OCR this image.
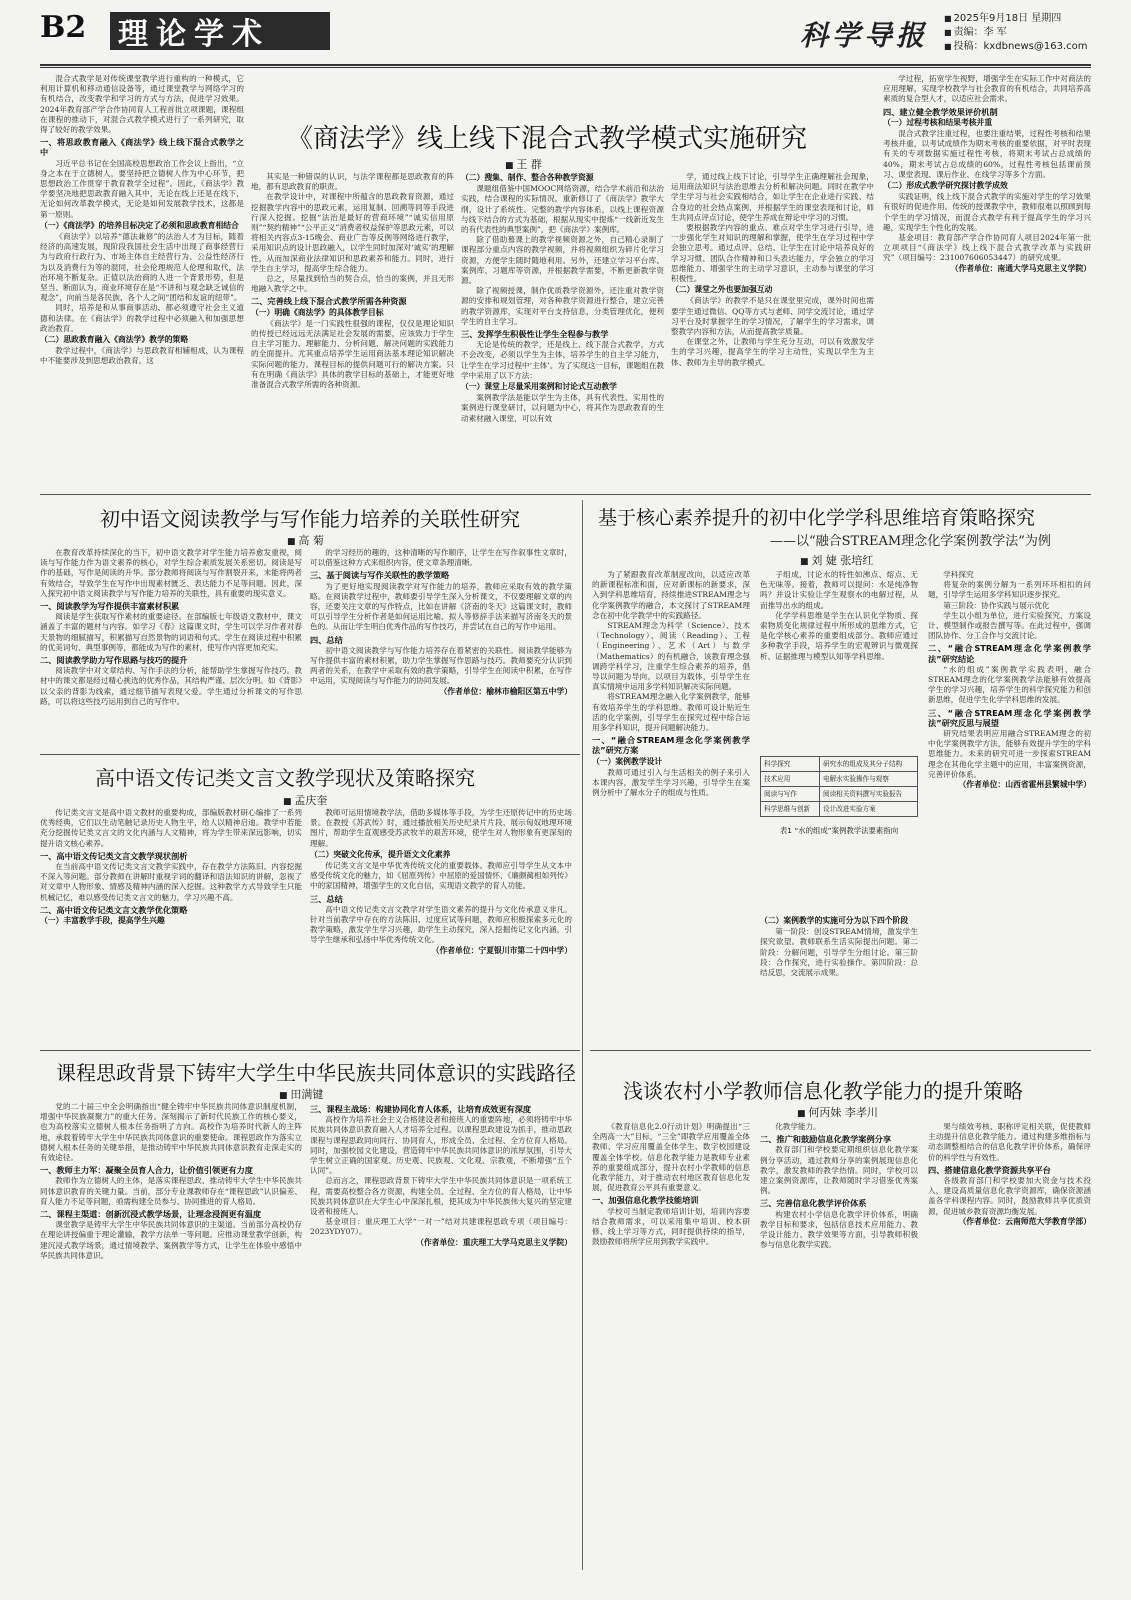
B2 理论学术	科学导报
■ 2025年9月18日 星期四
■ 责编：李 军
■ 投稿：kxdbnews@163.com
《商法学》线上线下混合式教学模式实施研究
■ 王 群

混合式教学是对传统课堂教学进行重构的一种模式，它利用计算机和移动通信设备等，通过课堂教学与网络学习的有机结合，改变教学和学习的方式与方法，促进学习效果。2024年教育部产学合作协同育人工程首批立项课题，课程组在课程的推动下，对混合式教学模式进行了一系列研究，取得了较好的教学效果。

一、将思政教育融入《商法学》线上线下混合式教学之中

习近平总书记在全国高校思想政治工作会议上指出，“立身之本在于立德树人，要坚持把立德树人作为中心环节，把思想政治工作贯穿于教育教学全过程”。因此，《商法学》教学要坚决地把思政教育融入其中，无论在线上还是在线下，无论如何改革教学模式，无论是如何发展教学技术，这都是第一原则。

（一）《商法学》的培养目标决定了必须和思政教育相结合

《商法学》以培养“德法兼修”的法治人才为目标，随着经济的高速发展，现阶段我国社会生活中出现了商事经营行为与政府行政行为、市场主体自主经营行为、公益性经济行为以及消费行为等的混同，社会伦理规范人伦理和取代，法治环境不断复杂。正值以法治商的人进一个背景形势，但是坚当、断面认为，商业环境存在是“不讲和与观念缺乏诚信的观念”，向前当是各民族、各个人之间“团结和友谊的纽带”。

同时，培养是和从事商事活动、都必须遵守社会主义道德和法律。在《商法学》的教学过程中必须融入和加强思想政治教育。

（二）思政教育融入《商法学》教学的策略

教学过程中，《商法学》与思政教育相辅相成，认为课程中不能要涉及到思想政治教育。这

其实是一种错误的认识，与法学课程都是思政教育的阵地，都有思政教育的职责。

在教学设计中，对课程中所蕴含的思政教育资源，通过挖掘教学内容中的思政元素，运用复制、回溯等同等手段进行深入挖掘。挖掘“法治是最好的营商环境”“诚实信用原则”“契约精神”“公平正义”消费者权益保护等思政元素，可以将相关内容点3-15晚会、商业广告等反例等网络进行教学，采用知识点的设计思政融入，以学生同时加深对‘诚实’的理解性，从而加深商业法律知识和思政素养和能力。同时，进行学生自主学习，提高学生综合能力。

总之，尽量找到恰当的契合点，恰当的案例，并且无形地融入教学之中。

二、完善线上线下混合式教学所需各种资源
（一）明确《商法学》的具体教学目标

《商法学》是一门实践性很强的课程，仅仅是理论知识的传授已经远远无法满足社会发展的需要，应该致力于学生自主学习能力、理解能力、分析问题、解决问题的实践能力的全面提升。尤其重点培养学生运用商法基本理论知识解决实际问题的能力。课程目标的提供问题可行的解决方案。只有在明确《商法学》具体的教学目标的基础上，才能更好地准备混合式教学所需的各种资源。

（二）搜集、制作、整合各种教学资源

课题组借鉴中国MOOC网络资源，结合学术前沿和法治实践，结合课程的实际情况，重新修订了《商法学》教学大纲，设计了系统性、完整的教学内容体系，以线上课程资源与线下结合的方式为基础，根据从现实中提炼“一线新近发生的有代表性的典型案例”，把《商法学》案例库。

除了借助慕课上的教学视频资源之外，自己精心录制了课程部分重点内容的教学视频，并将视频组织为碎片化学习资源，方便学生随时随地利用。另外，还建立学习平台库、案例库、习题库等资源，并根据教学需要，不断更新教学资源。

除了视频授课，制作优质教学资源外，还注重对教学资源的安排和规划管理，对各种教学资源进行整合，建立完善的教学资源库，实现对平台支持信息，分类管理优化，便利学生的自主学习。

三、发挥学生积极性让学生全程参与教学

无论是传统的教学，还是线上、线下混合式教学，方式不会改变，必须以学生为主体，培养学生的自主学习能力，让学生在学习过程中‘主体’。为了实现这一目标，课题组在教学中采用了以下方法：

（一）课堂上尽量采用案例和讨论式互动教学

案例教学法是能以学生为主体，具有代表性、实用性的案例进行课堂研讨，以问题为中心，将其作为思政教育的生动素材融入课堂，可以有效

学，通过线上线下讨论，引导学生正确理解社会现象，运用商法知识与法治思维去分析和解决问题。同时在教学中学生学习与社会实践相结合，如让学生在企业进行实践、结合身边的社会热点案例，并根据学生的课堂表现和讨论，师生共同点评点讨论，使学生养成在辩论中学习的习惯。

要根据教学内容的重点、难点对学生学习进行引导，进一步强化学生对知识的理解和掌握，使学生在学习过程中学会独立思考。通过点评、总结、让学生在讨论中培养良好的学习习惯、团队合作精神和口头表达能力，学会独立的学习思维能力、增强学生的主动学习意识，主动参与课堂的学习积极性。

（二）课堂之外也要加强互动

《商法学》的教学不是只在课堂里完成，课外时间也需要学生通过微信、QQ等方式与老师、同学交流讨论，通过学习平台及时掌握学生的学习情况，了解学生的学习需求，调整教学内容和方法，从而提高教学质量。

在课堂之外，让教师与学生充分互动，可以有效激发学生的学习兴趣，提高学生的学习主动性，实现以学生为主体、教师为主导的教学模式。

学过程，拓宽学生视野，增强学生在实际工作中对商法的应用理解，实现学校教学与社会教育的有机结合，共同培养高素质的复合型人才，以适应社会需求。

四、建立健全教学效果评价机制
（一）过程考核和结果考核并重

混合式教学注重过程，也要注重结果，过程性考核和结果考核并重，以考试成绩作为期末考核的重要依据，对平时表现有关的专项数据实施过程性考核，将期末考试占总成绩的40%，期末考试占总成绩的60%，过程性考核包括课前预习、课堂表现、课后作业、在线学习等多个方面。

（二）形成式教学研究探讨教学成效

实践证明，线上线下混合式教学的实施对学生的学习效果有很好的促进作用。传统的授课教学中，教师很难以照顾到每个学生的学习情况，而混合式教学有利于提高学生的学习兴趣，实现学生个性化的发展。

基金项目：教育部产学合作协同育人项目2024年第一批立项项目“《商法学》线上线下混合式教学改革与实践研究”（项目编号：231007606053447）的研究成果。

（作者单位：南通大学马克思主义学院）
初中语文阅读教学与写作能力培养的关联性研究
■ 高 菊

在教育改革持续深化的当下，初中语文教学对学生能力培养愈发重视，阅读与写作能力作为语文素养的核心，对学生综合素质发展关系密切。阅读是写作的基础，写作是阅读的升华。部分教师将阅读与写作割裂开来，未能将两者有效结合，导致学生在写作中出现素材匮乏、表达能力不足等问题。因此，深入探究初中语文阅读教学与写作能力培养的关联性，具有重要的现实意义。

一、阅读教学为写作提供丰富素材积累

阅读是学生获取写作素材的重要途径。在部编版七年级语文教材中，课文涵盖了丰富的题材与内容。如学习《春》这篇课文时，学生可以学习作者对春天景物的细腻描写，积累描写自然景物的词语和句式。学生在阅读过程中积累的优美词句、典型事例等，都能成为写作的素材，使写作内容更加充实。

二、阅读教学助力写作思路与技巧的提升

阅读教学中对文章结构、写作手法的分析，能帮助学生掌握写作技巧。教材中的课文都是经过精心挑选的优秀作品，其结构严谨、层次分明。如《背影》以父亲的背影为线索，通过细节描写表现父爱。学生通过分析课文的写作思路，可以将这些技巧运用到自己的写作中。

的学习经历的趣的，这种清晰的写作顺序，让学生在写作叙事性文章时，可以借鉴这种方式来组织内容，使文章条理清晰。

三、基于阅读与写作关联性的教学策略

为了更好地实现阅读教学对写作能力的培养，教师应采取有效的教学策略。在阅读教学过程中，教师要引导学生深入分析课文，不仅要理解文章的内容，还要关注文章的写作特点，比如在讲解《济南的冬天》这篇课文时，教师可以引导学生分析作者是如何运用比喻、拟人等修辞手法来描写济南冬天的景色的。从而让学生明白优秀作品的写作技巧，并尝试在自己的写作中运用。

四、总结

初中语文阅读教学与写作能力培养存在着紧密的关联性。阅读教学能够为写作提供丰富的素材积累，助力学生掌握写作思路与技巧。教师要充分认识到两者的关系，在教学中采取有效的教学策略，引导学生在阅读中积累，在写作中运用，实现阅读与写作能力的协同发展。

（作者单位：榆林市榆阳区第五中学）
高中语文传记类文言文教学现状及策略探究
■ 孟庆奎

传记类文言文是高中语文教材的重要构成，部编版教材研心编排了一系列优秀经典，它们以生动笔触记录历史人物生平，给人以精神启迪。教学中若能充分挖掘传记类文言文的文化内涵与人文精神，将为学生带来深远影响，切实提升语文核心素养。

一、高中语文传记类文言文教学现状剖析

在当前高中语文传记类文言文教学实践中，存在教学方法陈旧、内容挖掘不深入等问题。部分教师在讲解时重视字词的翻译和语法知识的讲解，忽视了对文章中人物形象、情感及精神内涵的深入挖掘。这种教学方式导致学生只能机械记忆，难以感受传记类文言文的魅力，学习兴趣不高。

二、高中语文传记类文言文教学优化策略
（一）丰富教学手段，提高学生兴趣

教师可运用情境教学法，借助多媒体等手段，为学生还原传记中的历史场景。在教授《苏武传》时，通过播放相关历史纪录片片段、展示匈奴地理环境图片，帮助学生直观感受苏武牧羊的艰苦环境，使学生对人物形象有更深刻的理解。

（二）突破文化传承，提升语文文化素养

传记类文言文是中华优秀传统文化的重要载体。教师应引导学生从文本中感受传统文化的魅力，如《屈原列传》中屈原的爱国情怀、《廉颇蔺相如列传》中的家国精神，增强学生的文化自信，实现语文教学的育人功能。

三、总结

高中语文传记类文言文教学对学生语文素养的提升与文化传承意义非凡。针对当前教学中存在的方法陈旧、过度应试等问题，教师应积极探索多元化的教学策略，激发学生学习兴趣，助学生主动探究，深入挖掘传记文化内涵，引导学生继承和弘扬中华优秀传统文化。

（作者单位：宁夏银川市第二十四中学）
课程思政背景下铸牢大学生中华民族共同体意识的实践路径
■ 田满键

党的二十届三中全会明确指出“健全铸牢中华民族共同体意识制度机制，增强中华民族凝聚力”的重大任务。深刻揭示了新时代民族工作的核心要义，也为高校落实立德树人根本任务指明了方向。高校作为培养时代新人的主阵地，承载着铸牢大学生中华民族共同体意识的重要使命。课程思政作为落实立德树人根本任务的关键举措，是推动铸牢中华民族共同体意识教育走深走实的有效途径。

一、教师主力军：凝聚全员育人合力，让价值引领更有力度

教师作为立德树人的主体，是落实课程思政、推动铸牢大学生中华民族共同体意识教育的关键力量。当前，部分专业课教师存在“课程思政”认识偏差、育人能力不足等问题，亟需构建全员参与、协同推进的育人格局。

二、课程主渠道：创新沉浸式教学场景，让理念浸润更有温度

课堂教学是铸牢大学生中华民族共同体意识的主渠道。当前部分高校仍存在理论讲授偏重于理论灌输，教学方法单一等问题。应推动课堂教学创新，构建沉浸式教学场景，通过情境教学、案例教学等方式，让学生在体验中感悟中华民族共同体意识。

三、课程主战场：构建协同化育人体系，让培育成效更有深度

高校作为培养社会主义合格建设者和接班人的重要阵地，必须将铸牢中华民族共同体意识教育融入人才培养全过程。以课程思政建设为抓手，推动思政课程与课程思政同向同行、协同育人，形成全员、全过程、全方位育人格局。同时，加强校园文化建设，营造铸牢中华民族共同体意识的浓厚氛围，引导大学生树立正确的国家观、历史观、民族观、文化观、宗教观，不断增强“五个认同”。

总而言之，课程思政背景下铸牢大学生中华民族共同体意识是一项系统工程，需要高校整合各方资源，构建全员、全过程、全方位的育人格局，让中华民族共同体意识在大学生心中深深扎根，使其成为中华民族伟大复兴的坚定建设者和接班人。

基金项目：重庆理工大学“一对一”结对共建课程思政专项（项目编号：2023YDY07）。

（作者单位：重庆理工大学马克思主义学院）
基于核心素养提升的初中化学学科思维培育策略探究
——以“融合STREAM理念化学案例教学法”为例
■ 刘 婕 张培红

为了紧跟教育改革制度改向，以适应改革的新课程标准和面，应对新课标的新要求，深入到学科思维培育，持续推进STREAM理念与化学案例教学的融合，本文探讨了STREAM理念在初中化学教学中的实践路径。

STREAM理念为科学（Science）、技术（Technology）、阅读（Reading）、工程（Engineering）、艺术（Art）与数学（Mathematics）的有机融合，该教育理念强调跨学科学习，注重学生综合素养的培养，倡导以问题为导向、以项目为载体，引导学生在真实情境中运用多学科知识解决实际问题。

将STREAM理念融入化学案例教学，能够有效培养学生的学科思维。教师可设计贴近生活的化学案例，引导学生在探究过程中综合运用多学科知识，提升问题解决能力。

一、“融合STREAM理念化学案例教学法”研究方案
（一）案例教学设计

教师可通过引入与生活相关的例子来引入本课内容，激发学生学习兴趣，引导学生在案例分析中了解水分子的组成与性质。

子组成，讨论水的特性如沸点、熔点、无色无味等。接着，教师可以提问：水是纯净物吗？并设计实验让学生观察水的电解过程，从而推导出水的组成。

化学学科思维是学生在认识化学物质、探索物质变化规律过程中所形成的思维方式，它是化学核心素养的重要组成部分。教师应通过多种教学手段，培养学生的宏观辨识与微观探析、证据推理与模型认知等学科思维。

科学探究	研究水的组成及其分子结构
技术应用	电解水实验操作与观察
阅读与写作	阅读相关资料撰写实验报告
科学思维与创新	设计改进实验方案
表1 “水的组成”案例教学法要素指向
（二）案例教学的实施可分为以下四个阶段

第一阶段：创设STREAM情境，激发学生探究欲望。教师联系生活实际提出问题。第二阶段：分解问题，引导学生分组讨论。第三阶段：合作探究，进行实验操作。第四阶段：总结反思，交流展示成果。

学科探究

将复杂的案例分解为一系列环环相扣的问题，引导学生运用多学科知识逐步探究。

第三阶段：协作实践与展示优化

学生以小组为单位，进行实验探究、方案设计、模型制作或报告撰写等。在此过程中，强调团队协作、分工合作与交流讨论。

二、“融合STREAM理念化学案例教学法”研究结论

“水的组成”案例教学实践表明，融合STREAM理念的化学案例教学法能够有效提高学生的学习兴趣，培养学生的科学探究能力和创新思维，促进学生化学学科思维的发展。

三、“融合STREAM理念化学案例教学法”研究反思与展望

研究结果表明应用融合STREAM理念的初中化学案例教学方法，能够有效提升学生的学科思维能力。未来的研究可进一步探索STREAM理念在其他化学主题中的应用，丰富案例资源，完善评价体系。

（作者单位：山西省霍州县繁城中学）
浅谈农村小学教师信息化教学能力的提升策略
■ 何丙妹 李孝川

《教育信息化2.0行动计划》明确提出“三全两高一大”目标，“三全”即教学应用覆盖全体教师、学习应用覆盖全体学生、数字校园建设覆盖全体学校。信息化教学能力是教师专业素养的重要组成部分，提升农村小学教师的信息化教学能力，对于推动农村地区教育信息化发展，促进教育公平具有重要意义。

一、加强信息化教学技能培训

学校可当制定教师培训计划，培训内容要结合教师需求，可以采用集中培训、校本研修、线上学习等方式，同时提供持续的指导，鼓励教师将所学应用到教学实践中。

化教学能力。

二、推广和鼓励信息化教学案例分享

教育部门和学校要定期组织信息化教学案例分享活动，通过教师分享的案例展现信息化教学，激发教师的教学热情。同时，学校可以建立案例资源库，让教师随时学习借鉴优秀案例。

三、完善信息化教学评价体系

构建农村小学信息化教学评价体系，明确教学目标和要求，包括信息技术应用能力、教学设计能力、教学效果等方面，引导教师积极参与信息化教学实践。

果与绩效考核、职称评定相关联，促使教师主动提升信息化教学能力。通过构建多维指标与动态调整相结合的信息化教学评价体系，确保评价的科学性与有效性。

四、搭建信息化教学资源共享平台

各级教育部门和学校要加大资金与技术投入，建设高质量信息化教学资源库，确保资源涵盖各学科课程内容。同时，鼓励教师共享优质资源，促进城乡教育资源均衡发展。

（作者单位：云南师范大学教育学部）
